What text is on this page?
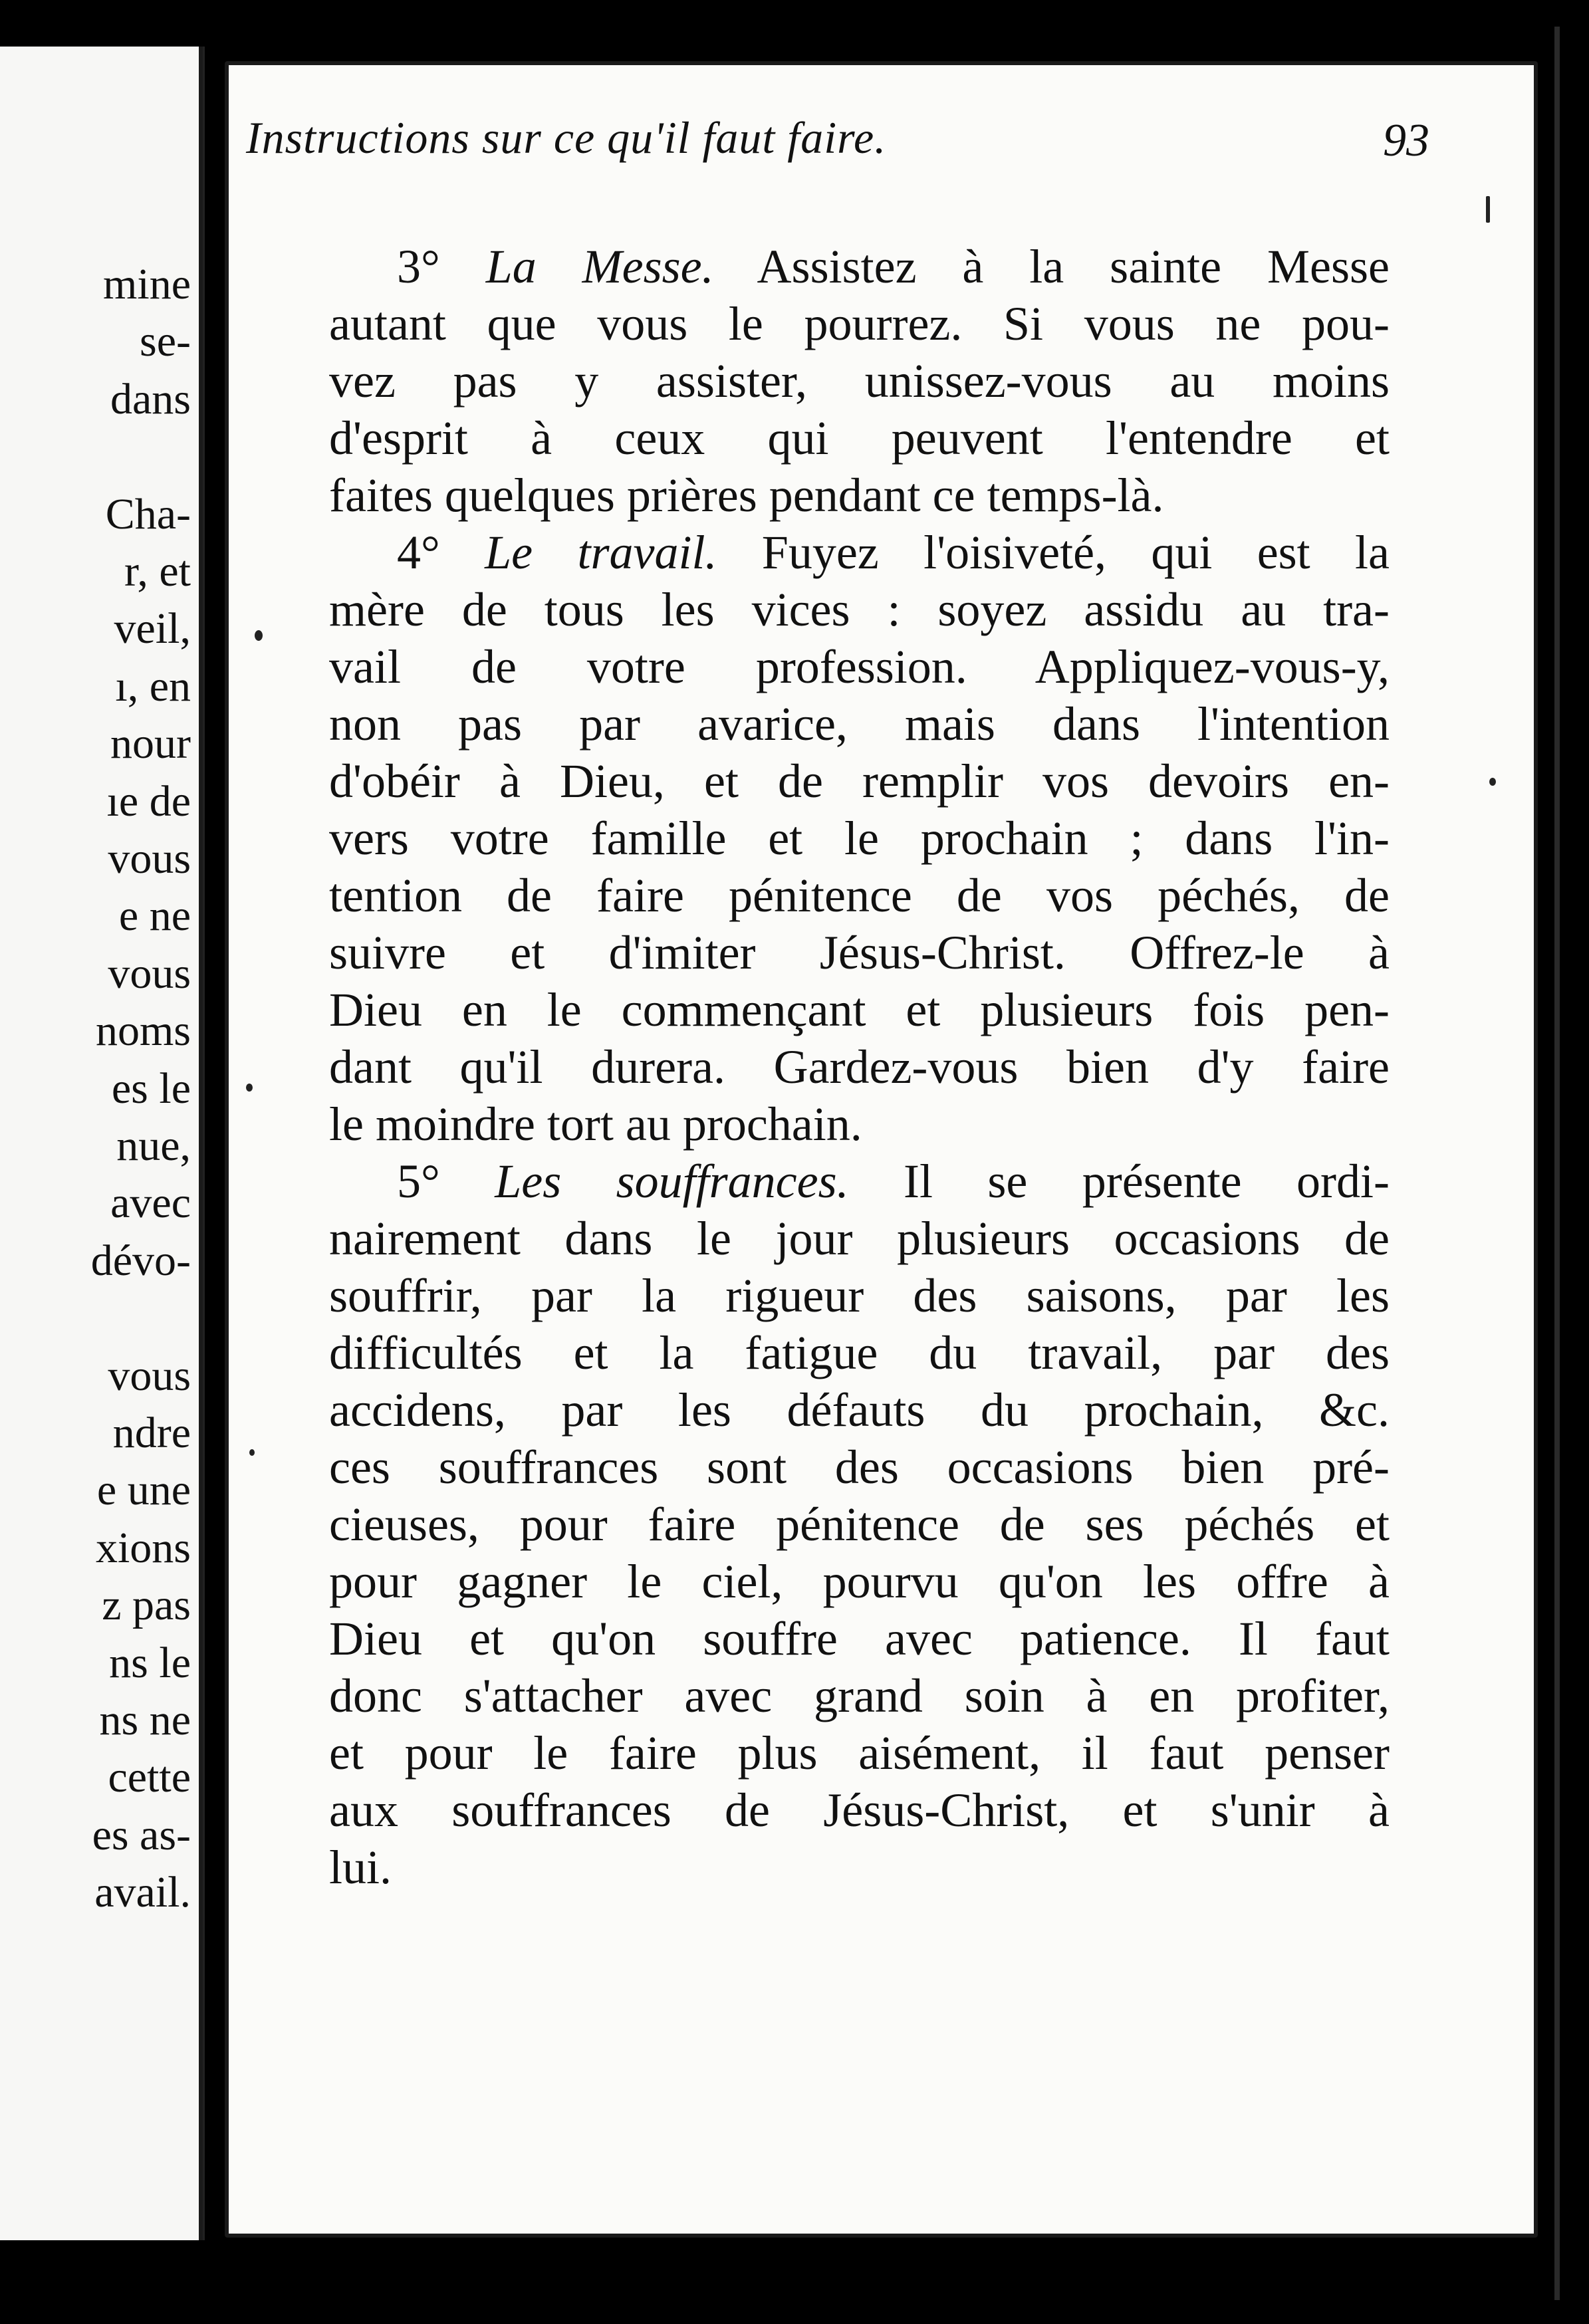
mine
se-
dans
Cha-
r, et
veil,
ı, en
nour
ıe de
vous
e ne
vous
noms
es le
nue,
avec
dévo-
vous
ndre
e une
xions
z pas
ns le
ns ne
cette
es as-
avail.
Instructions sur ce qu'il faut faire.	93
3° La Messe. Assistez à la sainte Messe
autant que vous le pourrez. Si vous ne pou-
vez pas y assister, unissez-vous au moins
d'esprit à ceux qui peuvent l'entendre et
faites quelques prières pendant ce temps-là.
4° Le travail. Fuyez l'oisiveté, qui est la
mère de tous les vices : soyez assidu au tra-
vail de votre profession. Appliquez-vous-y,
non pas par avarice, mais dans l'intention
d'obéir à Dieu, et de remplir vos devoirs en-
vers votre famille et le prochain ; dans l'in-
tention de faire pénitence de vos péchés, de
suivre et d'imiter Jésus-Christ. Offrez-le à
Dieu en le commençant et plusieurs fois pen-
dant qu'il durera. Gardez-vous bien d'y faire
le moindre tort au prochain.
5° Les souffrances. Il se présente ordi-
nairement dans le jour plusieurs occasions de
souffrir, par la rigueur des saisons, par les
difficultés et la fatigue du travail, par des
accidens, par les défauts du prochain, &c.
ces souffrances sont des occasions bien pré-
cieuses, pour faire pénitence de ses péchés et
pour gagner le ciel, pourvu qu'on les offre à
Dieu et qu'on souffre avec patience. Il faut
donc s'attacher avec grand soin à en profiter,
et pour le faire plus aisément, il faut penser
aux souffrances de Jésus-Christ, et s'unir à
lui.
